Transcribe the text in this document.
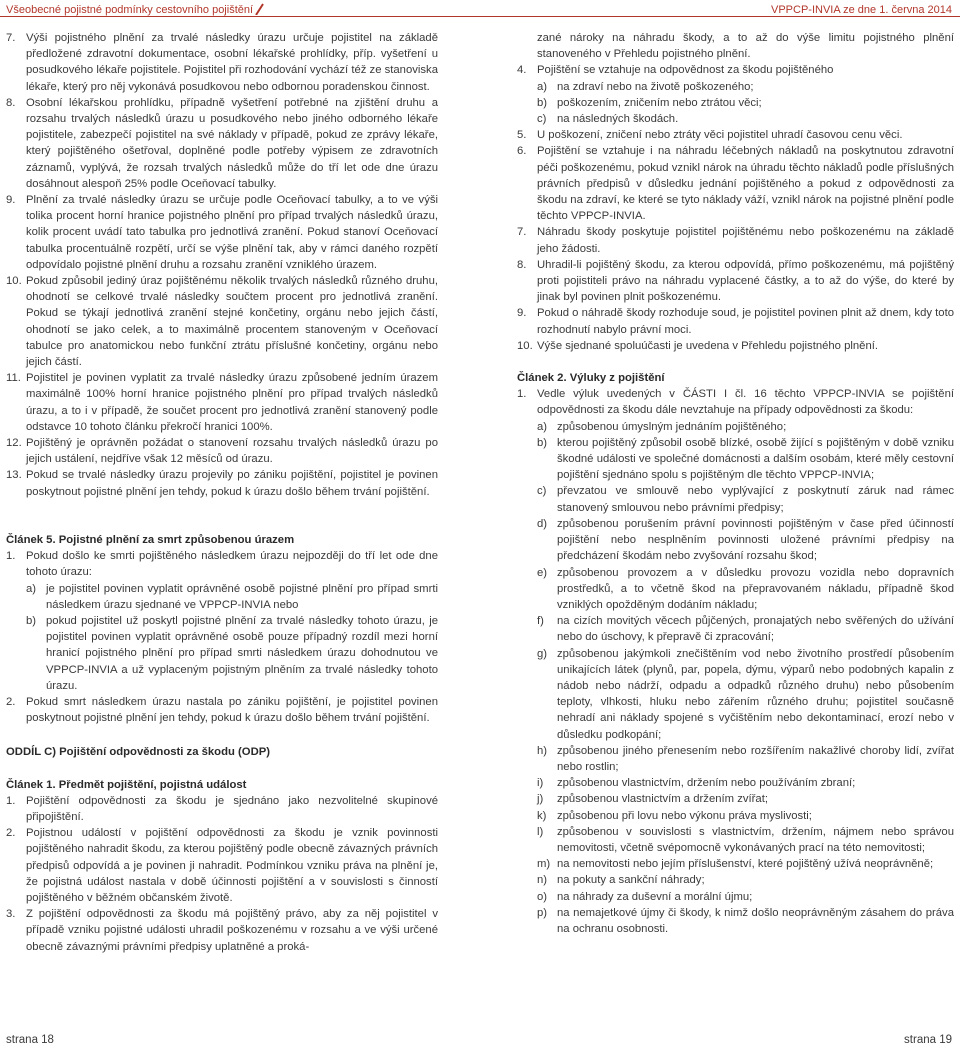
Všeobecné pojistné podmínky cestovního pojištění	VPPCP-INVIA ze dne 1. června 2014
7. Výši pojistného plnění za trvalé následky úrazu určuje pojistitel na základě předložené zdravotní dokumentace, osobní lékařské prohlídky, příp. vyšetření u posudkového lékaře pojistitele. Pojistitel při rozhodování vychází též ze stanoviska lékaře, který pro něj vykonává posudkovou nebo odbornou poradenskou činnost.
8. Osobní lékařskou prohlídku, případně vyšetření potřebné na zjištění druhu a rozsahu trvalých následků úrazu u posudkového nebo jiného odborného lékaře pojistitele, zabezpečí pojistitel na své náklady v případě, pokud ze zprávy lékaře, který pojištěného ošetřoval, doplněné podle potřeby výpisem ze zdravotních záznamů, vyplývá, že rozsah trvalých následků může do tří let ode dne úrazu dosáhnout alespoň 25% podle Oceňovací tabulky.
9. Plnění za trvalé následky úrazu se určuje podle Oceňovací tabulky, a to ve výši tolika procent horní hranice pojistného plnění pro případ trvalých následků úrazu, kolik procent uvádí tato tabulka pro jednotlivá zranění. Pokud stanoví Oceňovací tabulka procentuálně rozpětí, určí se výše plnění tak, aby v rámci daného rozpětí odpovídalo pojistné plnění druhu a rozsahu zranění vzniklého úrazem.
10. Pokud způsobil jediný úraz pojištěnému několik trvalých následků různého druhu, ohodnotí se celkové trvalé následky součtem procent pro jednotlivá zranění. Pokud se týkají jednotlivá zranění stejné končetiny, orgánu nebo jejich částí, ohodnotí se jako celek, a to maximálně procentem stanoveným v Oceňovací tabulce pro anatomickou nebo funkční ztrátu příslušné končetiny, orgánu nebo jejich částí.
11. Pojistitel je povinen vyplatit za trvalé následky úrazu způsobené jedním úrazem maximálně 100% horní hranice pojistného plnění pro případ trvalých následků úrazu, a to i v případě, že součet procent pro jednotlivá zranění stanovený podle odstavce 10 tohoto článku překročí hranici 100%.
12. Pojištěný je oprávněn požádat o stanovení rozsahu trvalých následků úrazu po jejich ustálení, nejdříve však 12 měsíců od úrazu.
13. Pokud se trvalé následky úrazu projevily po zániku pojištění, pojistitel je povinen poskytnout pojistné plnění jen tehdy, pokud k úrazu došlo během trvání pojištění.
Článek 5. Pojistné plnění za smrt způsobenou úrazem
1. Pokud došlo ke smrti pojištěného následkem úrazu nejpozději do tří let ode dne tohoto úrazu:
a) je pojistitel povinen vyplatit oprávněné osobě pojistné plnění pro případ smrti následkem úrazu sjednané ve VPPCP-INVIA nebo
b) pokud pojistitel už poskytl pojistné plnění za trvalé následky tohoto úrazu, je pojistitel povinen vyplatit oprávněné osobě pouze případný rozdíl mezi horní hranicí pojistného plnění pro případ smrti následkem úrazu dohodnutou ve VPPCP-INVIA a už vyplaceným pojistným plněním za trvalé následky tohoto úrazu.
2. Pokud smrt následkem úrazu nastala po zániku pojištění, je pojistitel povinen poskytnout pojistné plnění jen tehdy, pokud k úrazu došlo během trvání pojištění.
ODDÍL C) Pojištění odpovědnosti za škodu (ODP)
Článek 1. Předmět pojištění, pojistná událost
1. Pojištění odpovědnosti za škodu je sjednáno jako nezvolitelné skupinové připojištění.
2. Pojistnou událostí v pojištění odpovědnosti za škodu je vznik povinnosti pojištěného nahradit škodu, za kterou pojištěný podle obecně závazných právních předpisů odpovídá a je povinen ji nahradit. Podmínkou vzniku práva na plnění je, že pojistná událost nastala v době účinnosti pojištění a v souvislosti s činností pojištěného v běžném občanském životě.
3. Z pojištění odpovědnosti za škodu má pojištěný právo, aby za něj pojistitel v případě vzniku pojistné události uhradil poškozenému v rozsahu a ve výši určené obecně závaznými právními předpisy uplatněné a proká-
zané nároky na náhradu škody, a to až do výše limitu pojistného plnění stanoveného v Přehledu pojistného plnění.
4. Pojištění se vztahuje na odpovědnost za škodu pojištěného
a) na zdraví nebo na životě poškozeného;
b) poškozením, zničením nebo ztrátou věci;
c) na následných škodách.
5. U poškození, zničení nebo ztráty věci pojistitel uhradí časovou cenu věci.
6. Pojištění se vztahuje i na náhradu léčebných nákladů na poskytnutou zdravotní péči poškozenému, pokud vznikl nárok na úhradu těchto nákladů podle příslušných právních předpisů v důsledku jednání pojištěného a pokud z odpovědnosti za škodu na zdraví, ke které se tyto náklady váží, vznikl nárok na pojistné plnění podle těchto VPPCP-INVIA.
7. Náhradu škody poskytuje pojistitel pojištěnému nebo poškozenému na základě jeho žádosti.
8. Uhradil-li pojištěný škodu, za kterou odpovídá, přímo poškozenému, má pojištěný proti pojistiteli právo na náhradu vyplacené částky, a to až do výše, do které by jinak byl povinen plnit poškozenému.
9. Pokud o náhradě škody rozhoduje soud, je pojistitel povinen plnit až dnem, kdy toto rozhodnutí nabylo právní moci.
10. Výše sjednané spoluúčasti je uvedena v Přehledu pojistného plnění.
Článek 2. Výluky z pojištění
1. Vedle výluk uvedených v ČÁSTI I čl. 16 těchto VPPCP-INVIA se pojištění odpovědnosti za škodu dále nevztahuje na případy odpovědnosti za škodu:
a) způsobenou úmyslným jednáním pojištěného;
b) kterou pojištěný způsobil osobě blízké, osobě žijící s pojištěným v době vzniku škodné události ve společné domácnosti a dalším osobám, které měly cestovní pojištění sjednáno spolu s pojištěným dle těchto VPPCP-INVIA;
c) převzatou ve smlouvě nebo vyplývající z poskytnutí záruk nad rámec stanovený smlouvou nebo právními předpisy;
d) způsobenou porušením právní povinnosti pojištěným v čase před účinností pojištění nebo nesplněním povinnosti uložené právními předpisy na předcházení škodám nebo zvyšování rozsahu škod;
e) způsobenou provozem a v důsledku provozu vozidla nebo dopravních prostředků, a to včetně škod na přepravovaném nákladu, případně škod vzniklých opožděným dodáním nákladu;
f) na cizích movitých věcech půjčených, pronajatých nebo svěřených do užívání nebo do úschovy, k přepravě či zpracování;
g) způsobenou jakýmkoli znečištěním vod nebo životního prostředí působením unikajících látek (plynů, par, popela, dýmu, výparů nebo podobných kapalin z nádob nebo nádrží, odpadu a odpadků různého druhu) nebo působením teploty, vlhkosti, hluku nebo zářením různého druhu; pojistitel současně nehradí ani náklady spojené s vyčištěním nebo dekontaminací, erozí nebo v důsledku podkopání;
h) způsobenou jiného přenesením nebo rozšířením nakažlivé choroby lidí, zvířat nebo rostlin;
i) způsobenou vlastnictvím, držením nebo používáním zbraní;
j) způsobenou vlastnictvím a držením zvířat;
k) způsobenou při lovu nebo výkonu práva myslivosti;
l) způsobenou v souvislosti s vlastnictvím, držením, nájmem nebo správou nemovitosti, včetně svépomocně vykonávaných prací na této nemovitosti;
m) na nemovitosti nebo jejím příslušenství, které pojištěný užívá neoprávněně;
n) na pokuty a sankční náhrady;
o) na náhrady za duševní a morální újmu;
p) na nemajetkové újmy či škody, k nimž došlo neoprávněným zásahem do práva na ochranu osobnosti.
strana 18	strana 19
